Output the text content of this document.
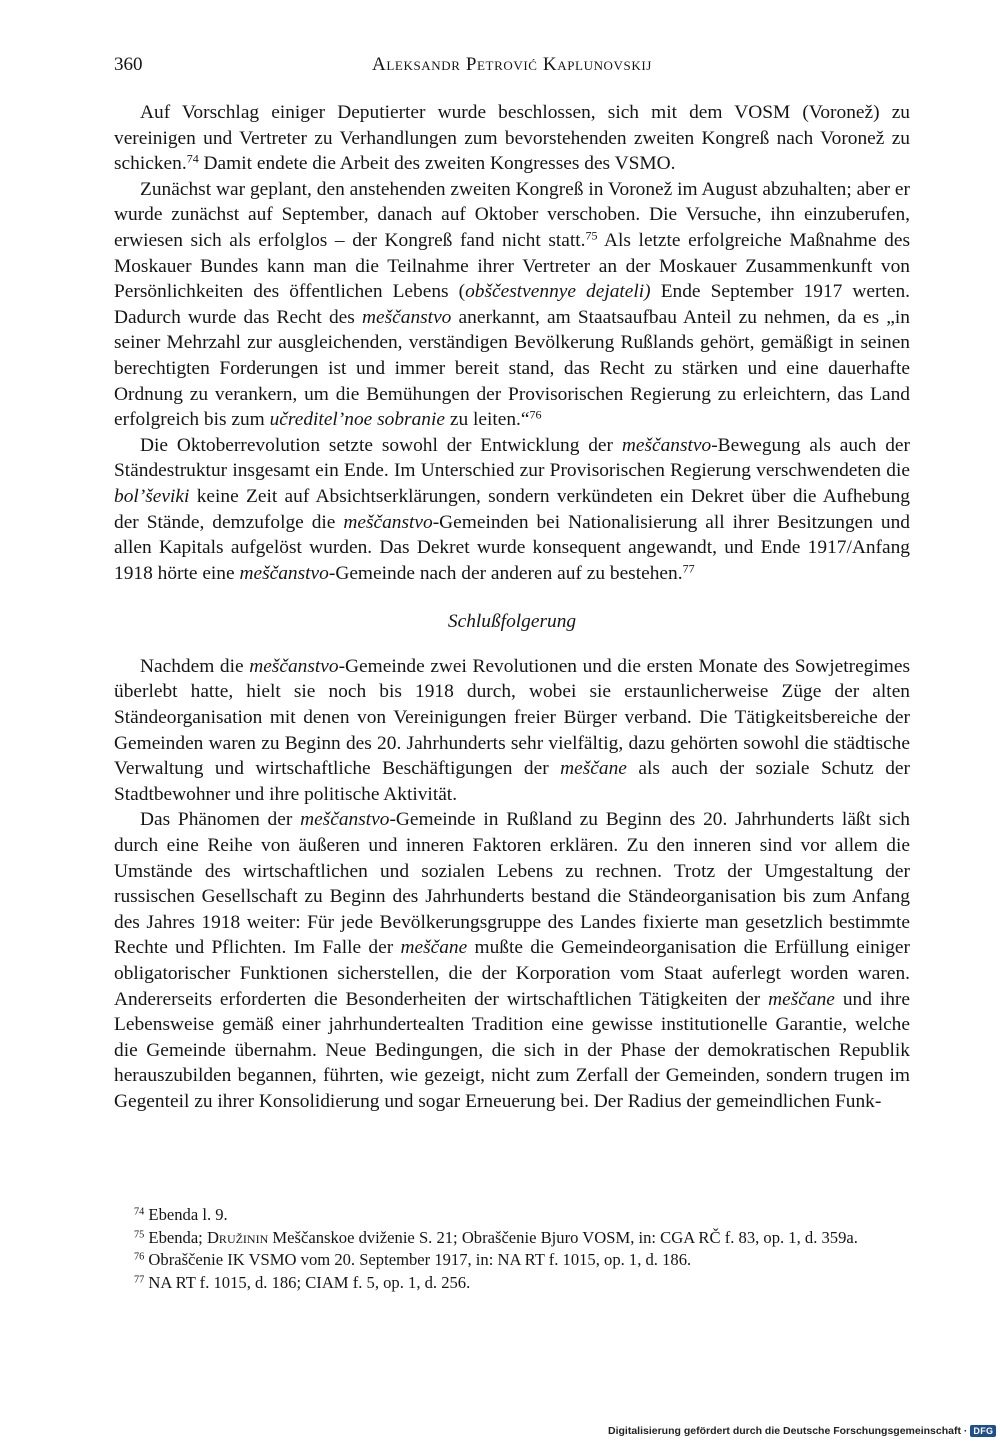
360	Aleksandr Petrović Kaplunovskij

Auf Vorschlag einiger Deputierter wurde beschlossen, sich mit dem VOSM (Voronež) zu vereinigen und Vertreter zu Verhandlungen zum bevorstehenden zweiten Kongreß nach Voronež zu schicken.$^{74}$ Damit endete die Arbeit des zweiten Kongresses des VSMO.

Zunächst war geplant, den anstehenden zweiten Kongreß in Voronež im August abzuhalten; aber er wurde zunächst auf September, danach auf Oktober verschoben. Die Versuche, ihn einzuberufen, erwiesen sich als erfolglos – der Kongreß fand nicht statt.$^{75}$ Als letzte erfolgreiche Maßnahme des Moskauer Bundes kann man die Teilnahme ihrer Vertreter an der Moskauer Zusammenkunft von Persönlichkeiten des öffentlichen Lebens (obščestvennye dejateli) Ende September 1917 werten. Dadurch wurde das Recht des meščanstvo anerkannt, am Staatsaufbau Anteil zu nehmen, da es „in seiner Mehrzahl zur ausgleichenden, verständigen Bevölkerung Rußlands gehört, gemäßigt in seinen berechtigten Forderungen ist und immer bereit stand, das Recht zu stärken und eine dauerhafte Ordnung zu verankern, um die Bemühungen der Provisorischen Regierung zu erleichtern, das Land erfolgreich bis zum učreditel’noe sobranie zu leiten.“$^{76}$

Die Oktoberrevolution setzte sowohl der Entwicklung der meščanstvo-Bewegung als auch der Ständestruktur insgesamt ein Ende. Im Unterschied zur Provisorischen Regierung verschwendeten die bol’ševiki keine Zeit auf Absichtserklärungen, sondern verkündeten ein Dekret über die Aufhebung der Stände, demzufolge die meščanstvo-Gemeinden bei Nationalisierung all ihrer Besitzungen und allen Kapitals aufgelöst wurden. Das Dekret wurde konsequent angewandt, und Ende 1917/Anfang 1918 hörte eine meščanstvo-Gemeinde nach der anderen auf zu bestehen.$^{77}$

Schlußfolgerung

Nachdem die meščanstvo-Gemeinde zwei Revolutionen und die ersten Monate des Sowjetregimes überlebt hatte, hielt sie noch bis 1918 durch, wobei sie erstaunlicherweise Züge der alten Ständeorganisation mit denen von Vereinigungen freier Bürger verband. Die Tätigkeitsbereiche der Gemeinden waren zu Beginn des 20. Jahrhunderts sehr vielfältig, dazu gehörten sowohl die städtische Verwaltung und wirtschaftliche Beschäftigungen der meščane als auch der soziale Schutz der Stadtbewohner und ihre politische Aktivität.

Das Phänomen der meščanstvo-Gemeinde in Rußland zu Beginn des 20. Jahrhunderts läßt sich durch eine Reihe von äußeren und inneren Faktoren erklären. Zu den inneren sind vor allem die Umstände des wirtschaftlichen und sozialen Lebens zu rechnen. Trotz der Umgestaltung der russischen Gesellschaft zu Beginn des Jahrhunderts bestand die Ständeorganisation bis zum Anfang des Jahres 1918 weiter: Für jede Bevölkerungsgruppe des Landes fixierte man gesetzlich bestimmte Rechte und Pflichten. Im Falle der meščane mußte die Gemeindeorganisation die Erfüllung einiger obligatorischer Funktionen sicherstellen, die der Korporation vom Staat auferlegt worden waren. Andererseits erforderten die Besonderheiten der wirtschaftlichen Tätigkeiten der meščane und ihre Lebensweise gemäß einer jahrhundertealten Tradition eine gewisse institutionelle Garantie, welche die Gemeinde übernahm. Neue Bedingungen, die sich in der Phase der demokratischen Republik herauszubilden begannen, führten, wie gezeigt, nicht zum Zerfall der Gemeinden, sondern trugen im Gegenteil zu ihrer Konsolidierung und sogar Erneuerung bei. Der Radius der gemeindlichen Funk-

$^{74}$ Ebenda l. 9.

$^{75}$ Ebenda; Družinin Meščanskoe dviženie S. 21; Obraščenie Bjuro VOSM, in: CGA RČ f. 83, op. 1, d. 359a.

$^{76}$ Obraščenie IK VSMO vom 20. September 1917, in: NA RT f. 1015, op. 1, d. 186.

$^{77}$ NA RT f. 1015, d. 186; CIAM f. 5, op. 1, d. 256.

Digitalisierung gefördert durch die Deutsche Forschungsgemeinschaft · DFG
